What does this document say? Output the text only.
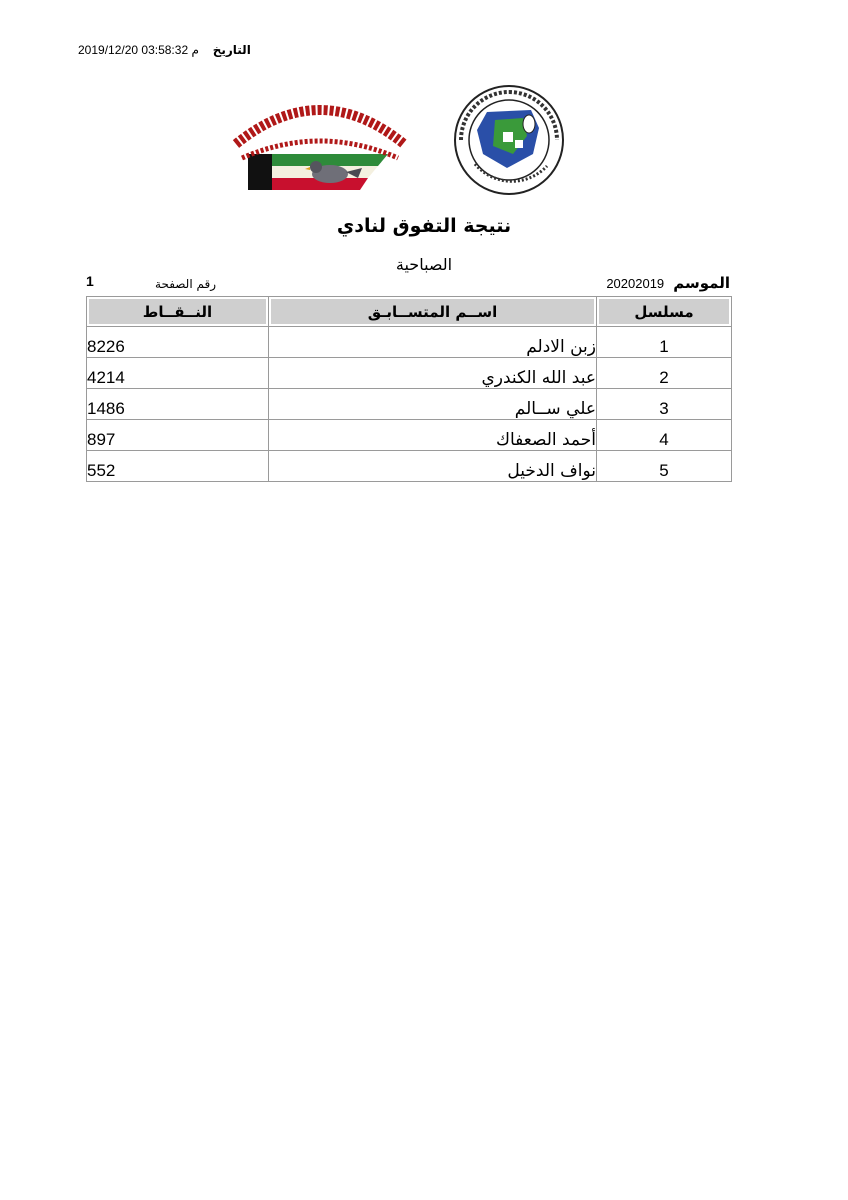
التاريخ م 03:58:32 2019/12/20
نتيجة التفوق لنادي
الصباحية
الموسم 20202019
رقم الصفحة
1
مسلسل	اســم المتســابـق	النــقــاط
1	زبن الادلم	8226
2	عبد الله الكندري	4214
3	علي ســالم	1486
4	أحمد الصعفاك	897
5	نواف الدخيل	552
